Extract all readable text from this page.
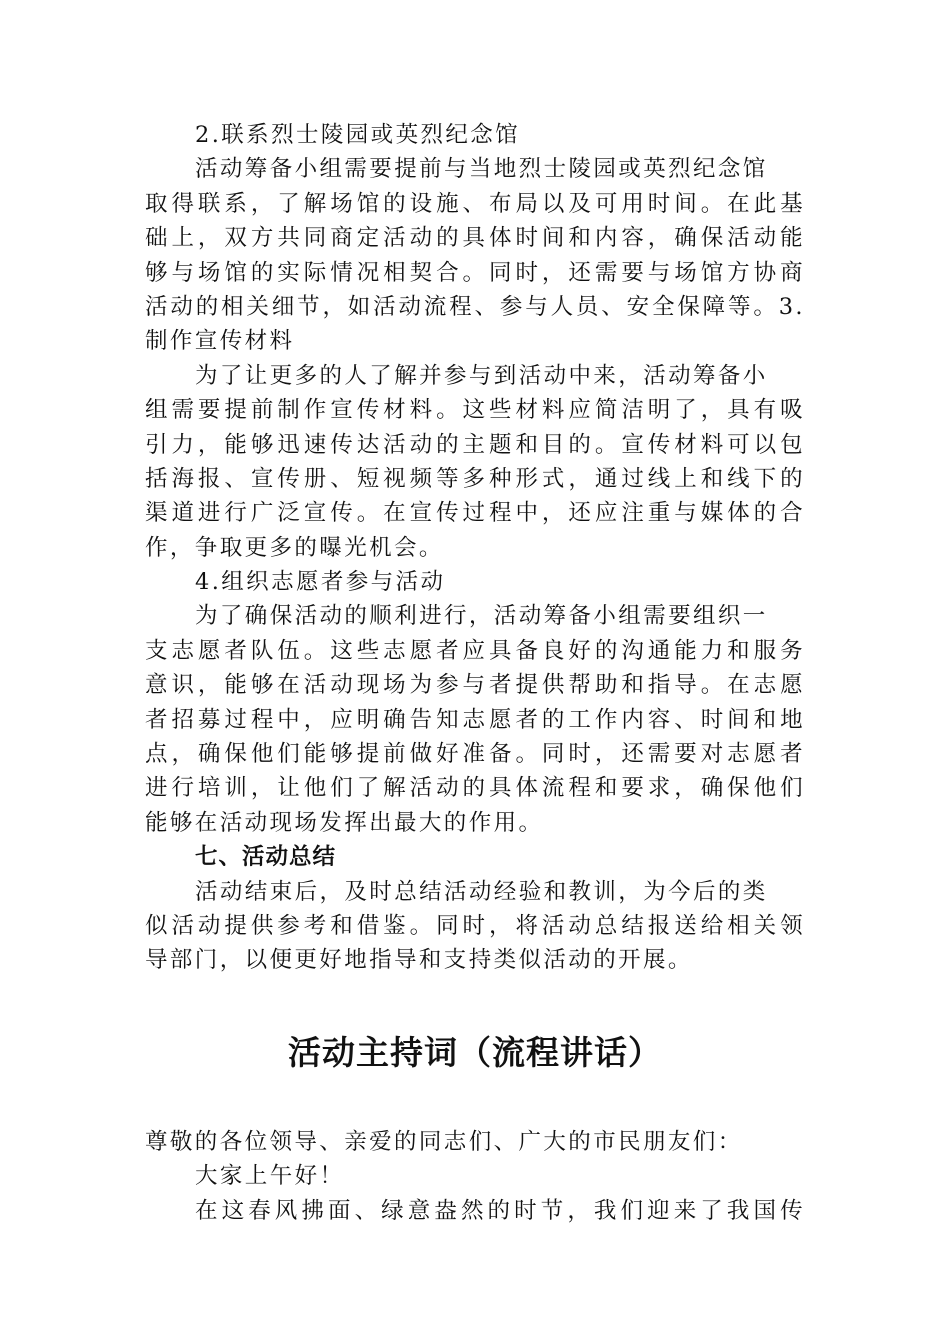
2.联系烈士陵园或英烈纪念馆
活动筹备小组需要提前与当地烈士陵园或英烈纪念馆
取得联系，了解场馆的设施、布局以及可用时间。在此基
础上，双方共同商定活动的具体时间和内容，确保活动能
够与场馆的实际情况相契合。同时，还需要与场馆方协商
活动的相关细节，如活动流程、参与人员、安全保障等。3.
制作宣传材料
为了让更多的人了解并参与到活动中来，活动筹备小
组需要提前制作宣传材料。这些材料应简洁明了，具有吸
引力，能够迅速传达活动的主题和目的。宣传材料可以包
括海报、宣传册、短视频等多种形式，通过线上和线下的
渠道进行广泛宣传。在宣传过程中，还应注重与媒体的合
作，争取更多的曝光机会。
4.组织志愿者参与活动
为了确保活动的顺利进行，活动筹备小组需要组织一
支志愿者队伍。这些志愿者应具备良好的沟通能力和服务
意识，能够在活动现场为参与者提供帮助和指导。在志愿
者招募过程中，应明确告知志愿者的工作内容、时间和地
点，确保他们能够提前做好准备。同时，还需要对志愿者
进行培训，让他们了解活动的具体流程和要求，确保他们
能够在活动现场发挥出最大的作用。
七、活动总结
活动结束后，及时总结活动经验和教训，为今后的类
似活动提供参考和借鉴。同时，将活动总结报送给相关领
导部门，以便更好地指导和支持类似活动的开展。
活动主持词（流程讲话）
尊敬的各位领导、亲爱的同志们、广大的市民朋友们：
大家上午好！
在这春风拂面、绿意盎然的时节，我们迎来了我国传
